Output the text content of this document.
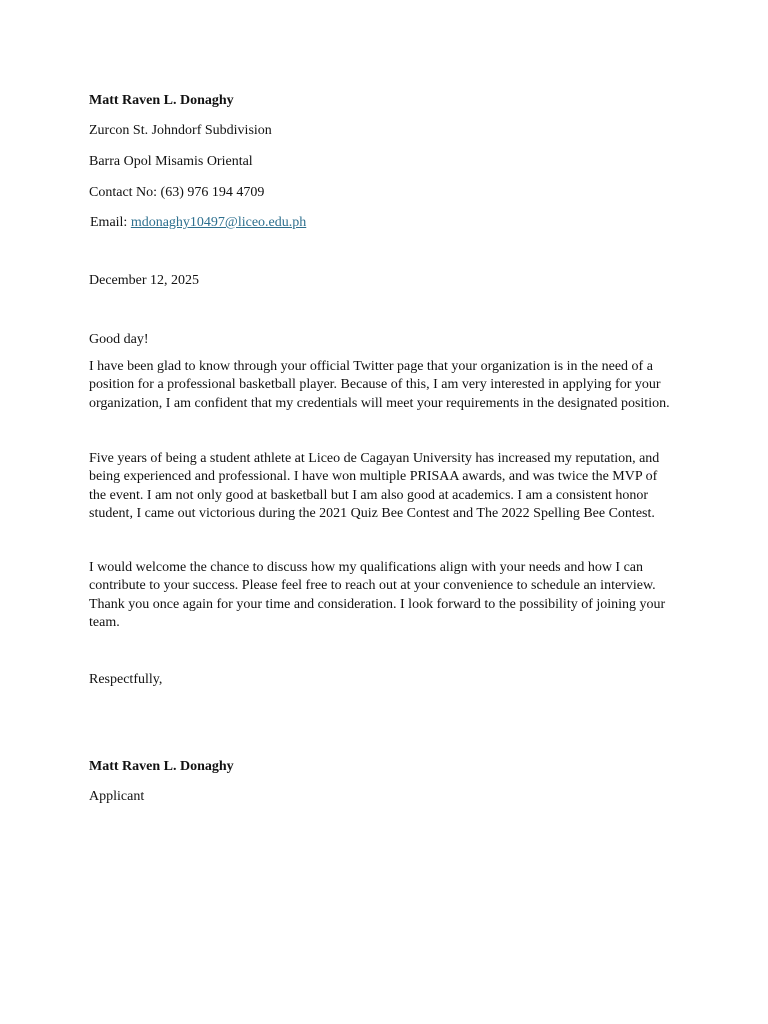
Matt Raven L. Donaghy
Zurcon St. Johndorf Subdivision
Barra Opol Misamis Oriental
Contact No: (63) 976 194 4709
Email: mdonaghy10497@liceo.edu.ph
December 12, 2025
Good day!
I have been glad to know through your official Twitter page that your organization is in the need of a position for a professional basketball player. Because of this, I am very interested in applying for your organization, I am confident that my credentials will meet your requirements in the designated position.
Five years of being a student athlete at Liceo de Cagayan University has increased my reputation, and being experienced and professional. I have won multiple PRISAA awards, and was twice the MVP of the event. I am not only good at basketball but I am also good at academics. I am a consistent honor student, I came out victorious during the 2021 Quiz Bee Contest and The 2022 Spelling Bee Contest.
I would welcome the chance to discuss how my qualifications align with your needs and how I can contribute to your success. Please feel free to reach out at your convenience to schedule an interview. Thank you once again for your time and consideration. I look forward to the possibility of joining your team.
Respectfully,
Matt Raven L. Donaghy
Applicant
